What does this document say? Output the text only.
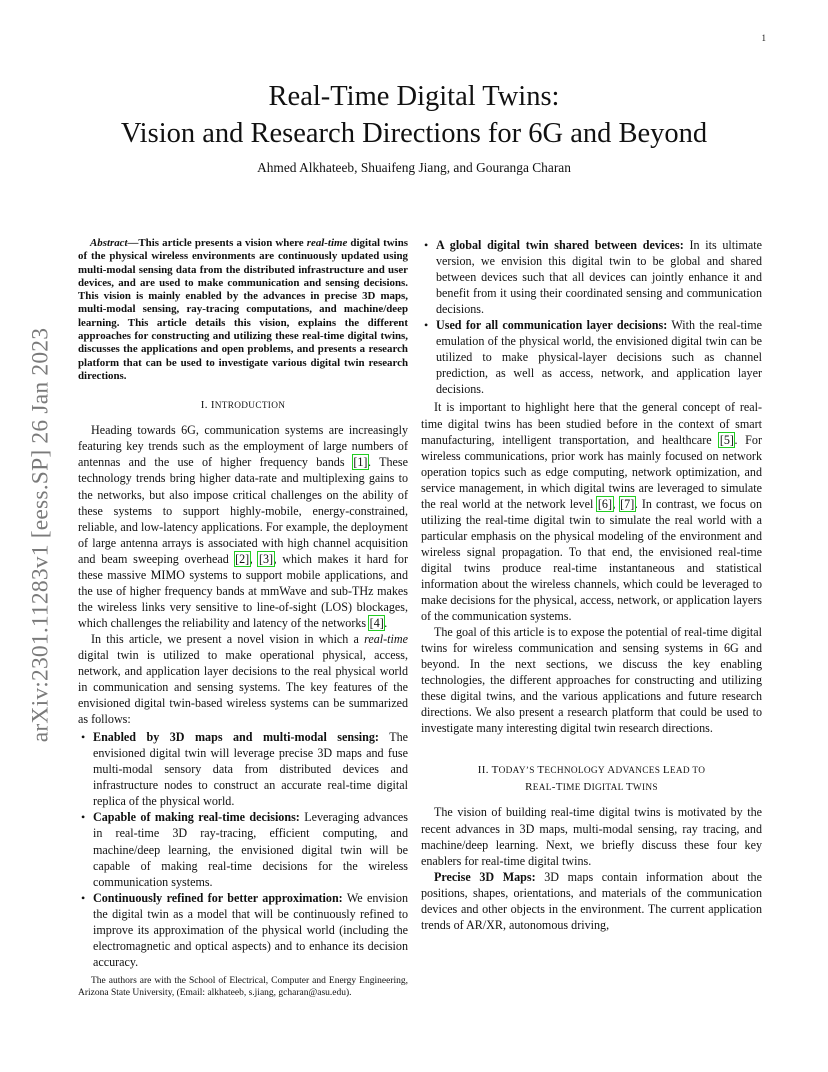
1
arXiv:2301.11283v1 [eess.SP] 26 Jan 2023
Real-Time Digital Twins:
Vision and Research Directions for 6G and Beyond

Ahmed Alkhateeb, Shuaifeng Jiang, and Gouranga Charan

Abstract—This article presents a vision where real-time digital twins of the physical wireless environments are continuously updated using multi-modal sensing data from the distributed infrastructure and user devices, and are used to make communication and sensing decisions. This vision is mainly enabled by the advances in precise 3D maps, multi-modal sensing, ray-tracing computations, and machine/deep learning. This article details this vision, explains the different approaches for constructing and utilizing these real-time digital twins, discusses the applications and open problems, and presents a research platform that can be used to investigate various digital twin research directions.

I. INTRODUCTION

Heading towards 6G, communication systems are increasingly featuring key trends such as the employment of large numbers of antennas and the use of higher frequency bands [1]. These technology trends bring higher data-rate and multiplexing gains to the networks, but also impose critical challenges on the ability of these systems to support highly-mobile, energy-constrained, reliable, and low-latency applications. For example, the deployment of large antenna arrays is associated with high channel acquisition and beam sweeping overhead [2], [3], which makes it hard for these massive MIMO systems to support mobile applications, and the use of higher frequency bands at mmWave and sub-THz makes the wireless links very sensitive to line-of-sight (LOS) blockages, which challenges the reliability and latency of the networks [4].

In this article, we present a novel vision in which a real-time digital twin is utilized to make operational physical, access, network, and application layer decisions to the real physical world in communication and sensing systems. The key features of the envisioned digital twin-based wireless systems can be summarized as follows:

• Enabled by 3D maps and multi-modal sensing: The envisioned digital twin will leverage precise 3D maps and fuse multi-modal sensory data from distributed devices and infrastructure nodes to construct an accurate real-time digital replica of the physical world.
• Capable of making real-time decisions: Leveraging advances in real-time 3D ray-tracing, efficient computing, and machine/deep learning, the envisioned digital twin will be capable of making real-time decisions for the wireless communication systems.
• Continuously refined for better approximation: We envision the digital twin as a model that will be continuously refined to improve its approximation of the physical world (including the electromagnetic and optical aspects) and to enhance its decision accuracy.

The authors are with the School of Electrical, Computer and Energy Engineering, Arizona State University, (Email: alkhateeb, s.jiang, gcharan@asu.edu).

• A global digital twin shared between devices: In its ultimate version, we envision this digital twin to be global and shared between devices such that all devices can jointly enhance it and benefit from it using their coordinated sensing and communication decisions.
• Used for all communication layer decisions: With the real-time emulation of the physical world, the envisioned digital twin can be utilized to make physical-layer decisions such as channel prediction, as well as access, network, and application layer decisions.

It is important to highlight here that the general concept of real-time digital twins has been studied before in the context of smart manufacturing, intelligent transportation, and healthcare [5]. For wireless communications, prior work has mainly focused on network operation topics such as edge computing, network optimization, and service management, in which digital twins are leveraged to simulate the real world at the network level [6], [7]. In contrast, we focus on utilizing the real-time digital twin to simulate the real world with a particular emphasis on the physical modeling of the environment and wireless signal propagation. To that end, the envisioned real-time digital twins produce real-time instantaneous and statistical information about the wireless channels, which could be leveraged to make decisions for the physical, access, network, or application layers of the communication systems.

The goal of this article is to expose the potential of real-time digital twins for wireless communication and sensing systems in 6G and beyond. In the next sections, we discuss the key enabling technologies, the different approaches for constructing and utilizing these digital twins, and the various applications and future research directions. We also present a research platform that could be used to investigate many interesting digital twin research directions.

II. TODAY’S TECHNOLOGY ADVANCES LEAD TO
REAL-TIME DIGITAL TWINS

The vision of building real-time digital twins is motivated by the recent advances in 3D maps, multi-modal sensing, ray tracing, and machine/deep learning. Next, we briefly discuss these four key enablers for real-time digital twins.

Precise 3D Maps: 3D maps contain information about the positions, shapes, orientations, and materials of the communication devices and other objects in the environment. The current application trends of AR/XR, autonomous driving,
